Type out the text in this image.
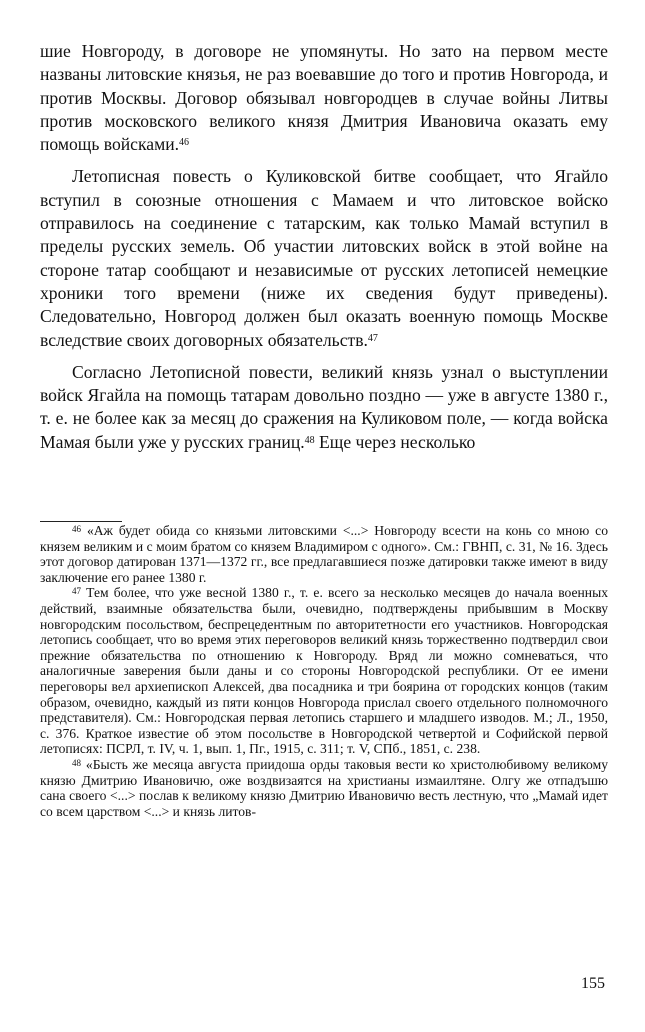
шие Новгороду, в договоре не упомянуты. Но зато на первом месте названы литовские князья, не раз воевавшие до того и против Новгорода, и против Москвы. Договор обязывал новгородцев в случае войны Литвы против московского великого князя Дмитрия Ивановича оказать ему помощь войсками.$^{46}$

Летописная повесть о Куликовской битве сообщает, что Ягайло вступил в союзные отношения с Мамаем и что литовское войско отправилось на соединение с татарским, как только Мамай вступил в пределы русских земель. Об участии литовских войск в этой войне на стороне татар сообщают и независимые от русских летописей немецкие хроники того времени (ниже их сведения будут приведены). Следовательно, Новгород должен был оказать военную помощь Москве вследствие своих договорных обязательств.$^{47}$

Согласно Летописной повести, великий князь узнал о выступлении войск Ягайла на помощь татарам довольно поздно — уже в августе 1380 г., т. е. не более как за месяц до сражения на Куликовом поле, — когда войска Мамая были уже у русских границ.$^{48}$ Еще через несколько

$^{46}$ «Аж будет обида со князьми литовскими <...> Новгороду всести на конь со мною со князем великим и с моим братом со князем Владимиром с одного». См.: ГВНП, с. 31, № 16. Здесь этот договор датирован 1371—1372 гг., все предлагавшиеся позже датировки также имеют в виду заключение его ранее 1380 г.

$^{47}$ Тем более, что уже весной 1380 г., т. е. всего за несколько месяцев до начала военных действий, взаимные обязательства были, очевидно, подтверждены прибывшим в Москву новгородским посольством, беспрецедентным по авторитетности его участников. Новгородская летопись сообщает, что во время этих переговоров великий князь торжественно подтвердил свои прежние обязательства по отношению к Новгороду. Вряд ли можно сомневаться, что аналогичные заверения были даны и со стороны Новгородской республики. От ее имени переговоры вел архиепископ Алексей, два посадника и три боярина от городских концов (таким образом, очевидно, каждый из пяти концов Новгорода прислал своего отдельного полномочного представителя). См.: Новгородская первая летопись старшего и младшего изводов. М.; Л., 1950, с. 376. Краткое известие об этом посольстве в Новгородской четвертой и Софийской первой летописях: ПСРЛ, т. IV, ч. 1, вып. 1, Пг., 1915, с. 311; т. V, СПб., 1851, с. 238.

$^{48}$ «Бысть же месяца августа приидоша орды таковыя вести ко христолюбивому великому князю Дмитрию Ивановичю, оже воздвизаятся на христианы измаилтяне. Олгу же отпадъшю сана своего <...> послав к великому князю Дмитрию Ивановичю весть лестную, что „Мамай идет со всем царством <...> и князь литов-

155
